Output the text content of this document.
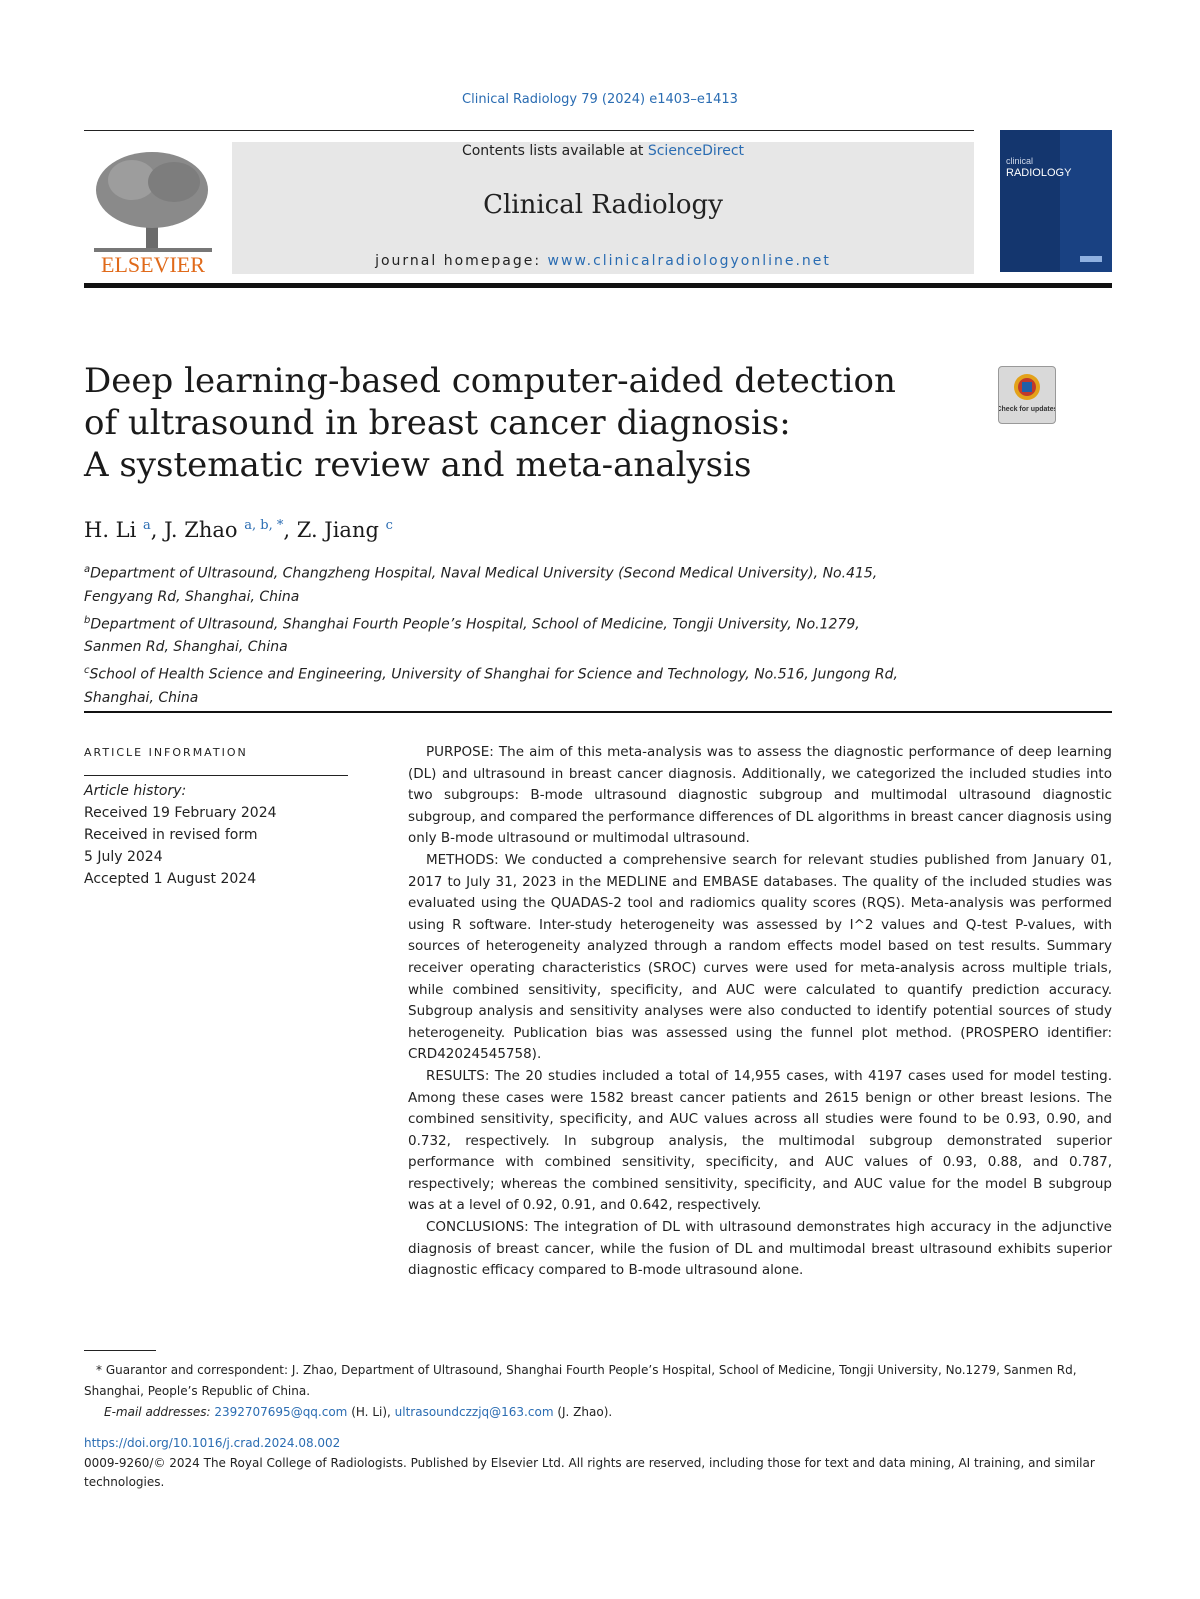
Clinical Radiology 79 (2024) e1403–e1413
ELSEVIER
Contents lists available at ScienceDirect
Clinical Radiology
journal homepage: www.clinicalradiologyonline.net
clinical
RADIOLOGY
Deep learning-based computer-aided detection
of ultrasound in breast cancer diagnosis:
A systematic review and meta-analysis
Check for updates
H. Li $^a$, J. Zhao $^{a, b, *}$, Z. Jiang $^c$
$^a$Department of Ultrasound, Changzheng Hospital, Naval Medical University (Second Medical University), No.415,
Fengyang Rd, Shanghai, China
$^b$Department of Ultrasound, Shanghai Fourth People’s Hospital, School of Medicine, Tongji University, No.1279,
Sanmen Rd, Shanghai, China
$^c$School of Health Science and Engineering, University of Shanghai for Science and Technology, No.516, Jungong Rd,
Shanghai, China
ARTICLE INFORMATION
Article history:
Received 19 February 2024
Received in revised form
5 July 2024
Accepted 1 August 2024

PURPOSE: The aim of this meta-analysis was to assess the diagnostic performance of deep learning (DL) and ultrasound in breast cancer diagnosis. Additionally, we categorized the included studies into two subgroups: B-mode ultrasound diagnostic subgroup and multimodal ultrasound diagnostic subgroup, and compared the performance differences of DL algorithms in breast cancer diagnosis using only B-mode ultrasound or multimodal ultrasound.

METHODS: We conducted a comprehensive search for relevant studies published from January 01, 2017 to July 31, 2023 in the MEDLINE and EMBASE databases. The quality of the included studies was evaluated using the QUADAS-2 tool and radiomics quality scores (RQS). Meta-analysis was performed using R software. Inter-study heterogeneity was assessed by I^2 values and Q-test P-values, with sources of heterogeneity analyzed through a random effects model based on test results. Summary receiver operating characteristics (SROC) curves were used for meta-analysis across multiple trials, while combined sensitivity, specificity, and AUC were calculated to quantify prediction accuracy. Subgroup analysis and sensitivity analyses were also conducted to identify potential sources of study heterogeneity. Publication bias was assessed using the funnel plot method. (PROSPERO identifier: CRD42024545758).

RESULTS: The 20 studies included a total of 14,955 cases, with 4197 cases used for model testing. Among these cases were 1582 breast cancer patients and 2615 benign or other breast lesions. The combined sensitivity, specificity, and AUC values across all studies were found to be 0.93, 0.90, and 0.732, respectively. In subgroup analysis, the multimodal subgroup demonstrated superior performance with combined sensitivity, specificity, and AUC values of 0.93, 0.88, and 0.787, respectively; whereas the combined sensitivity, specificity, and AUC value for the model B subgroup was at a level of 0.92, 0.91, and 0.642, respectively.

CONCLUSIONS: The integration of DL with ultrasound demonstrates high accuracy in the adjunctive diagnosis of breast cancer, while the fusion of DL and multimodal breast ultrasound exhibits superior diagnostic efficacy compared to B-mode ultrasound alone.

* Guarantor and correspondent: J. Zhao, Department of Ultrasound, Shanghai Fourth People’s Hospital, School of Medicine, Tongji University, No.1279, Sanmen Rd, Shanghai, People’s Republic of China.
E-mail addresses: 2392707695@qq.com (H. Li), ultrasoundczzjq@163.com (J. Zhao).
https://doi.org/10.1016/j.crad.2024.08.002
0009-9260/© 2024 The Royal College of Radiologists. Published by Elsevier Ltd. All rights are reserved, including those for text and data mining, AI training, and similar technologies.
